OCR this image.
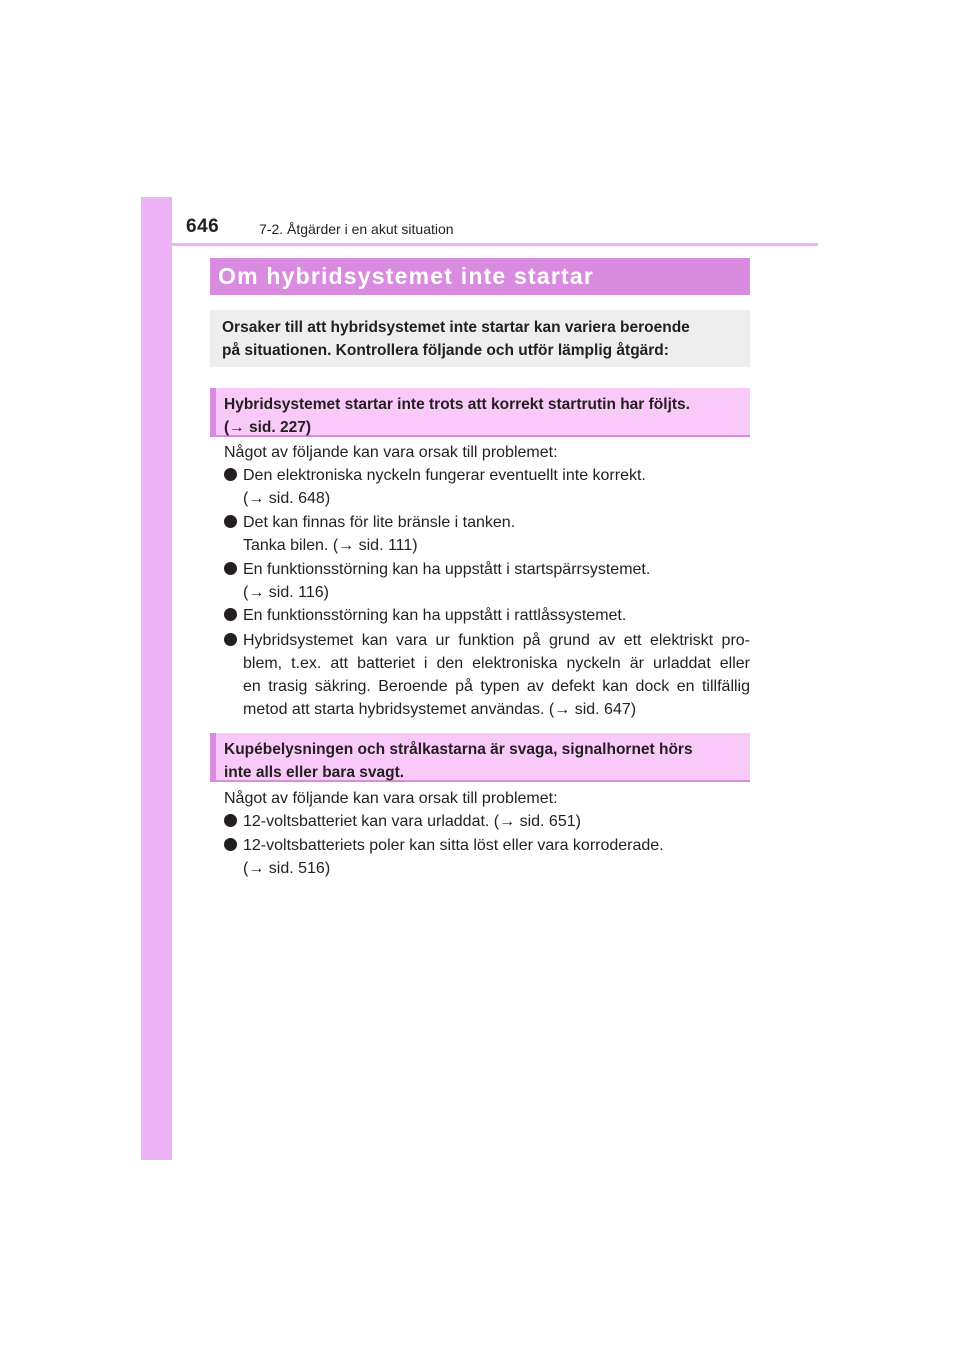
646	7-2. Åtgärder i en akut situation
Om hybridsystemet inte startar

Orsaker till att hybridsystemet inte startar kan variera beroende

på situationen. Kontrollera följande och utför lämplig åtgärd:

Hybridsystemet startar inte trots att korrekt startrutin har följts.

(→ sid. 227)

Något av följande kan vara orsak till problemet:

Den elektroniska nyckeln fungerar eventuellt inte korrekt.
(→ sid. 648)
Det kan finnas för lite bränsle i tanken.
Tanka bilen. (→ sid. 111)
En funktionsstörning kan ha uppstått i startspärrsystemet.
(→ sid. 116)
En funktionsstörning kan ha uppstått i rattlåssystemet.
Hybridsystemet kan vara ur funktion på grund av ett elektriskt pro-
blem, t.ex. att batteriet i den elektroniska nyckeln är urladdat eller
en trasig säkring. Beroende på typen av defekt kan dock en tillfällig
metod att starta hybridsystemet användas. (→ sid. 647)

Kupébelysningen och strålkastarna är svaga, signalhornet hörs

inte alls eller bara svagt.

Något av följande kan vara orsak till problemet:

12-voltsbatteriet kan vara urladdat. (→ sid. 651)
12-voltsbatteriets poler kan sitta löst eller vara korroderade.
(→ sid. 516)
